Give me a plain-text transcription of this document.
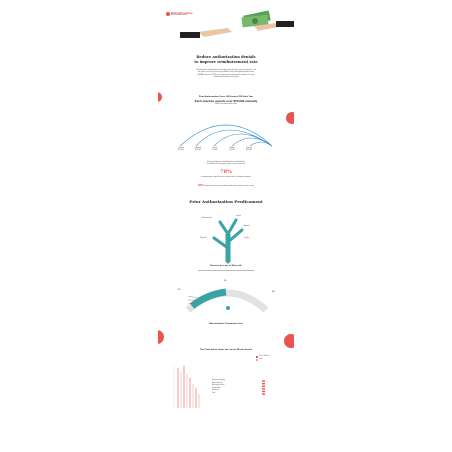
BillingParadise
Healthcare Reimbursement
Reduce authorization denials
to improve reimbursement rate
Obtaining prior authorizations make physicians think that your prior denials, and
the issue is recurring. A survey by Medical Group Management Association
(MGMA) shows that 82% have experienced requirements related to the prior
authorization burden is increasing
Prior Authorization Costs US Doctors $23 Each Year
Each practice spends over $50,000 annually
Here's how that breaks down
Clerical
$11,000
Medical
$12,000
Nurse
$9,000
Billing
$9,000
Practice
$10,000
Nearly all physicians stated that their workload has
increased in the past year, which results in lost care
78%
of organizations report that prior authorization is delaying treatment
92% of doctors say that prior authorization harms patient access to care
Prior Authorization Predicament
Authorization
Denial
Appeal
Write-off	Delays
Revenue lost due to Write-offs
$5
$3
$11
Administrative Transaction Cost
The Chart below shows the reason PA was denied
Percent of denials
Count
Registration / eligibility
Medical necessity
Authorization missing
Coding / billing
Missing info
Other
